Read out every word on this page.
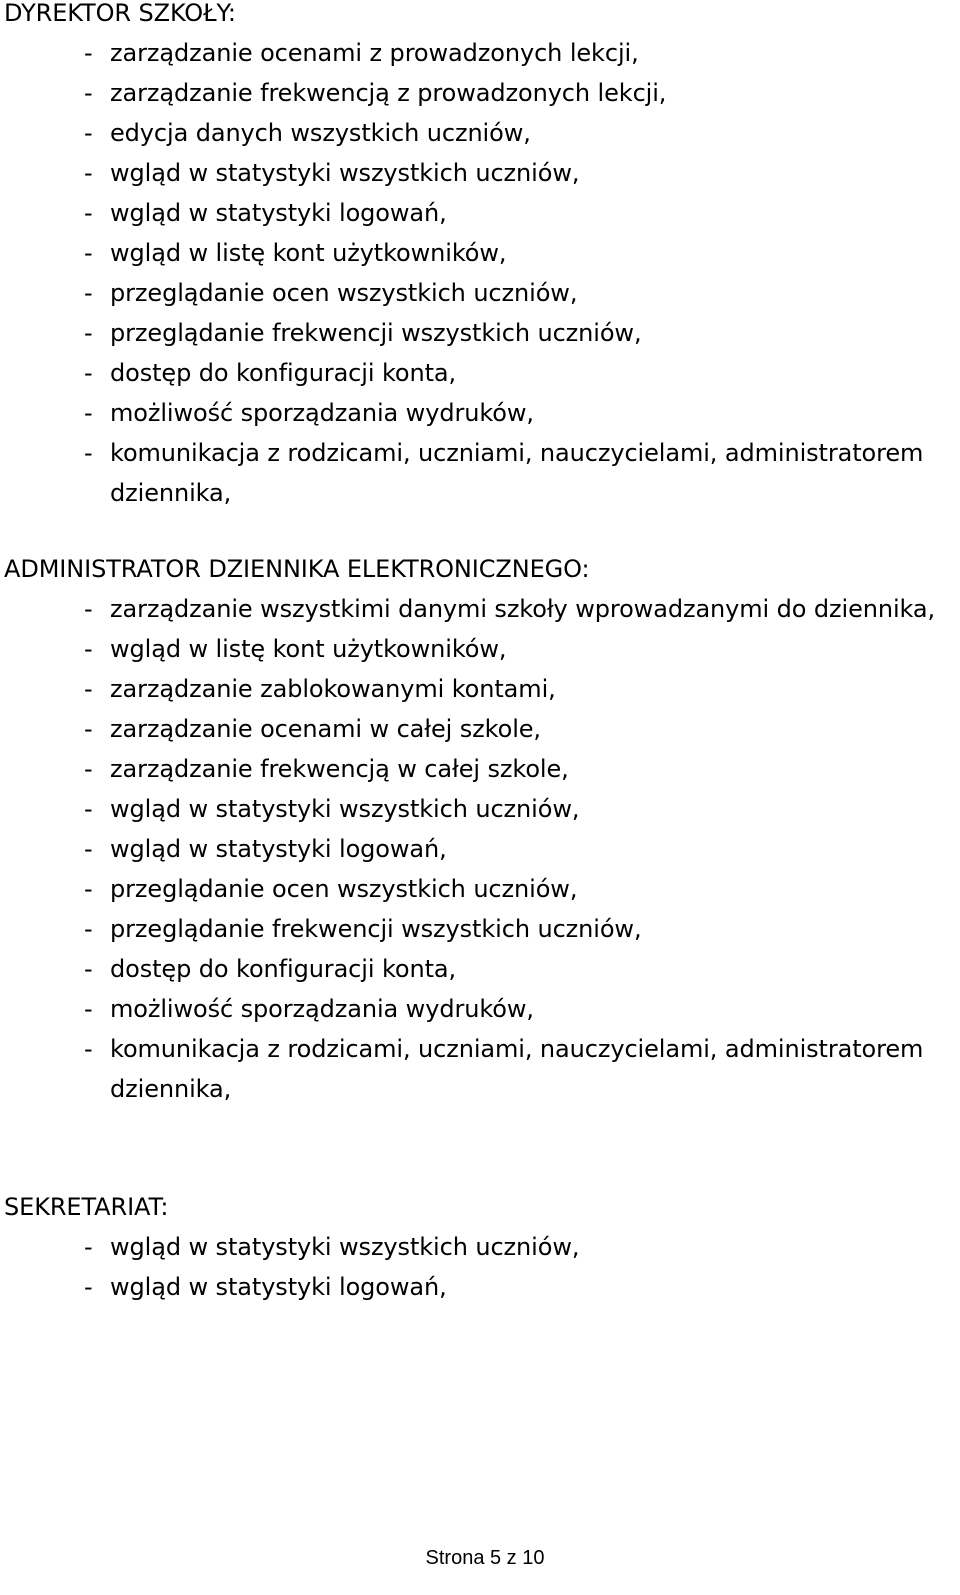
DYREKTOR SZKOŁY:
- zarządzanie ocenami z prowadzonych lekcji,
- zarządzanie frekwencją z prowadzonych lekcji,
- edycja danych wszystkich uczniów,
- wgląd w statystyki wszystkich uczniów,
- wgląd w statystyki logowań,
- wgląd w listę kont użytkowników,
- przeglądanie ocen wszystkich uczniów,
- przeglądanie frekwencji wszystkich uczniów,
- dostęp do konfiguracji konta,
- możliwość sporządzania wydruków,
- komunikacja z rodzicami, uczniami, nauczycielami, administratorem dziennika,
ADMINISTRATOR DZIENNIKA ELEKTRONICZNEGO:
- zarządzanie wszystkimi danymi szkoły wprowadzanymi do dziennika,
- wgląd w listę kont użytkowników,
- zarządzanie zablokowanymi kontami,
- zarządzanie ocenami w całej szkole,
- zarządzanie frekwencją w całej szkole,
- wgląd w statystyki wszystkich uczniów,
- wgląd w statystyki logowań,
- przeglądanie ocen wszystkich uczniów,
- przeglądanie frekwencji wszystkich uczniów,
- dostęp do konfiguracji konta,
- możliwość sporządzania wydruków,
- komunikacja z rodzicami, uczniami, nauczycielami, administratorem dziennika,
SEKRETARIAT:
- wgląd w statystyki wszystkich uczniów,
- wgląd w statystyki logowań,
Strona 5 z 10
